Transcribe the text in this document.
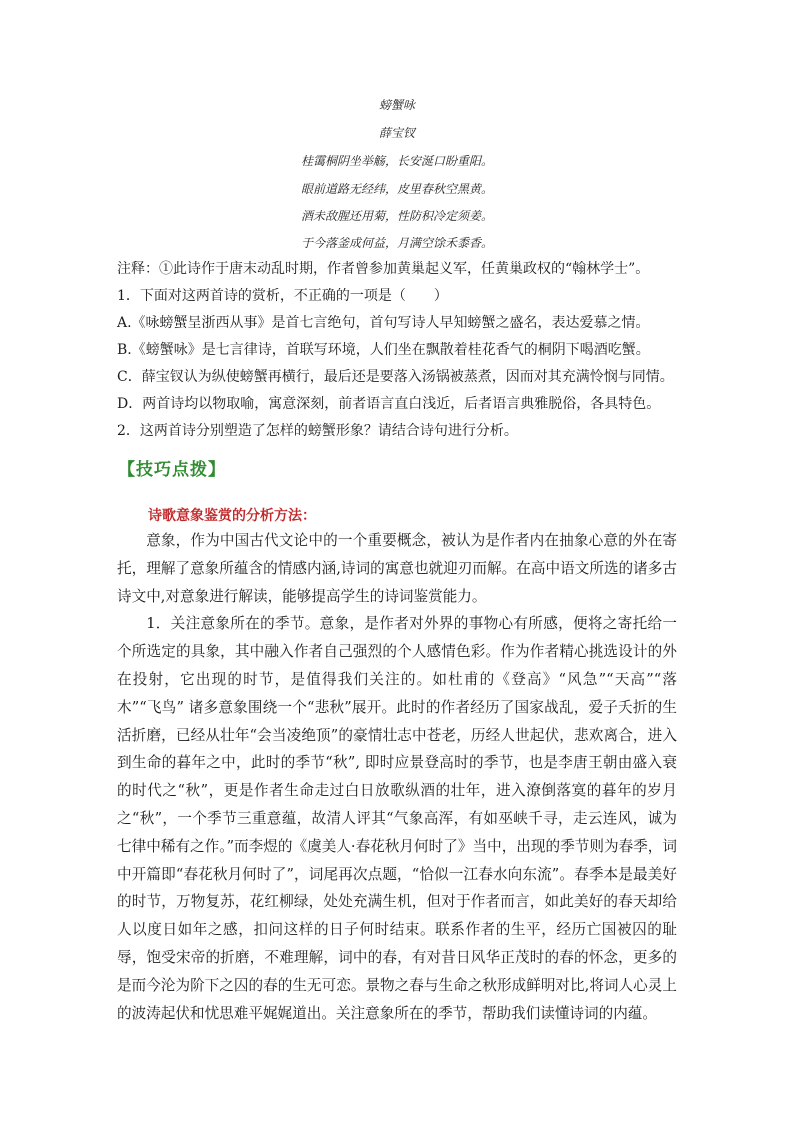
螃蟹咏
薛宝钗
桂霭桐阴坐举觞，长安涎口盼重阳。
眼前道路无经纬，皮里春秋空黑黄。
酒未敌腥还用菊，性防积冷定须姜。
于今落釜成何益，月满空馀禾黍香。
注释：①此诗作于唐末动乱时期，作者曾参加黄巢起义军，任黄巢政权的“翰林学士”。
1．下面对这两首诗的赏析，不正确的一项是（　　）
A.《咏螃蟹呈浙西从事》是首七言绝句，首句写诗人早知螃蟹之盛名，表达爱慕之情。
B.《螃蟹咏》是七言律诗，首联写环境，人们坐在飘散着桂花香气的桐阴下喝酒吃蟹。
C．薛宝钗认为纵使螃蟹再横行，最后还是要落入汤锅被蒸煮，因而对其充满怜悯与同情。
D．两首诗均以物取喻，寓意深刻，前者语言直白浅近，后者语言典雅脱俗，各具特色。
2．这两首诗分别塑造了怎样的螃蟹形象？请结合诗句进行分析。
【技巧点拨】
诗歌意象鉴赏的分析方法：

意象，作为中国古代文论中的一个重要概念，被认为是作者内在抽象心意的外在寄托，理解了意象所蕴含的情感内涵,诗词的寓意也就迎刃而解。在高中语文所选的诸多古诗文中,对意象进行解读，能够提高学生的诗词鉴赏能力。

1．关注意象所在的季节。意象，是作者对外界的事物心有所感，便将之寄托给一个所选定的具象，其中融入作者自己强烈的个人感情色彩。作为作者精心挑选设计的外在投射，它出现的时节，是值得我们关注的。如杜甫的《登高》“风急”“天高”“落木”“飞鸟” 诸多意象围绕一个“悲秋”展开。此时的作者经历了国家战乱，爱子夭折的生活折磨，已经从壮年“会当凌绝顶”的豪情壮志中苍老，历经人世起伏，悲欢离合，进入到生命的暮年之中，此时的季节“秋”, 即时应景登高时的季节，也是李唐王朝由盛入衰的时代之“秋”，更是作者生命走过白日放歌纵酒的壮年，进入潦倒落寞的暮年的岁月之“秋”，一个季节三重意蕴，故清人评其“气象高浑，有如巫峡千寻，走云连风，诚为七律中稀有之作。”而李煜的《虞美人·春花秋月何时了》当中，出现的季节则为春季，词中开篇即“春花秋月何时了”，词尾再次点题，“恰似一江春水向东流”。春季本是最美好的时节，万物复苏，花红柳绿，处处充满生机，但对于作者而言，如此美好的春天却给人以度日如年之感，扣问这样的日子何时结束。联系作者的生平，经历亡国被囚的耻辱，饱受宋帝的折磨，不难理解，词中的春，有对昔日风华正茂时的春的怀念，更多的是而今沦为阶下之囚的春的生无可恋。景物之春与生命之秋形成鲜明对比,将词人心灵上的波涛起伏和忧思难平娓娓道出。关注意象所在的季节，帮助我们读懂诗词的内蕴。
